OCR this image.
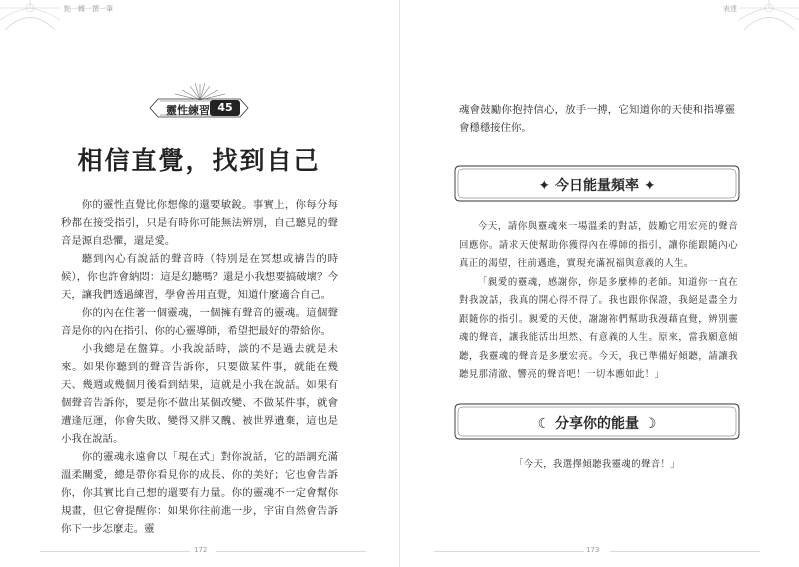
點一轉一撰一筆
靈性練習 45
相信直覺，找到自己

你的靈性直覺比你想像的還要敏銳。事實上，你每分每秒都在接受指引，只是有時你可能無法辨別，自己聽見的聲音是源自恐懼，還是愛。

聽到內心有說話的聲音時（特別是在冥想或禱告的時候），你也許會納悶：這是幻聽嗎？還是小我想要搞破壞？今天，讓我們透過練習，學會善用直覺，知道什麼適合自己。

你的內在住著一個靈魂，一個擁有聲音的靈魂。這個聲音是你的內在指引、你的心靈導師，希望把最好的帶給你。

小我總是在盤算。小我說話時，談的不是過去就是未來。如果你聽到的聲音告訴你，只要做某件事，就能在幾天、幾週或幾個月後看到結果，這就是小我在說話。如果有個聲音告訴你，要是你不做出某個改變、不做某件事，就會遭逢厄運，你會失敗、變得又胖又醜、被世界遺棄，這也是小我在說話。

你的靈魂永遠會以「現在式」對你說話，它的語調充滿溫柔關愛，總是帶你看見你的成長、你的美好；它也會告訴你，你其實比自己想的還要有力量。你的靈魂不一定會幫你規畫，但它會提醒你：如果你往前進一步，宇宙自然會告訴你下一步怎麼走。靈

172
表達

魂會鼓勵你抱持信心，放手一搏，它知道你的天使和指導靈會穩穩接住你。

✦ 今日能量頻率 ✦

今天，請你與靈魂來一場溫柔的對話，鼓勵它用宏亮的聲音回應你。請求天使幫助你獲得內在導師的指引，讓你能跟隨內心真正的渴望，往前邁進，實現充滿祝福與意義的人生。

「親愛的靈魂，感謝你，你是多麼棒的老師。知道你一直在對我說話，我真的開心得不得了。我也跟你保證，我絕是盡全力跟隨你的指引。親愛的天使，謝謝祢們幫助我漫藉直覺，辨別靈魂的聲音，讓我能活出坦然、有意義的人生。原來，當我願意傾聽，我靈魂的聲音是多麼宏亮。今天，我已準備好傾聽，請讓我聽見那清澈、響亮的聲音吧！一切本應如此！」

☾ 分享你的能量 ☽
「今天，我選擇傾聽我靈魂的聲音！」
173
